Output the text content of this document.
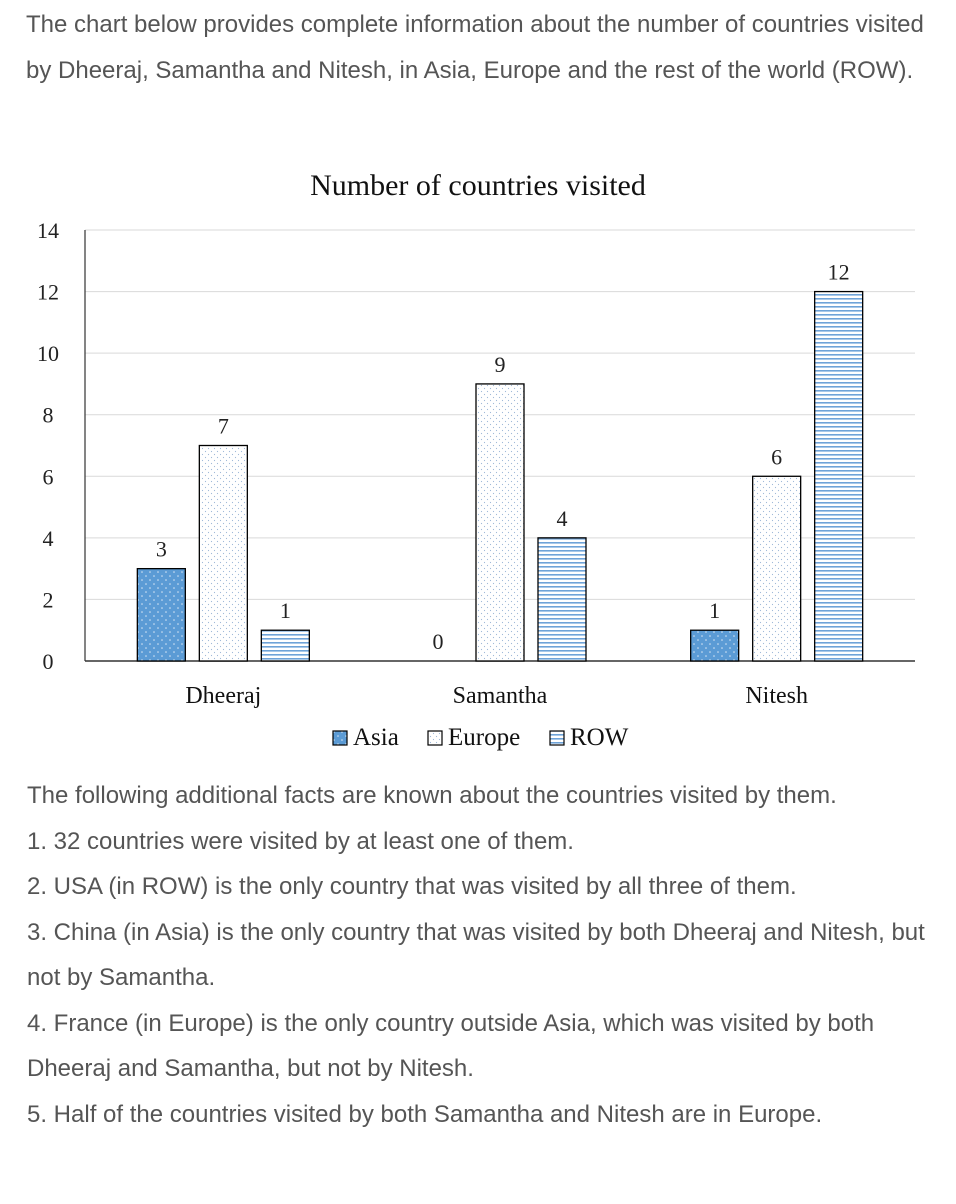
The chart below provides complete information about the number of countries visited by Dheeraj, Samantha and Nitesh, in Asia, Europe and the rest of the world (ROW).

Number of countries visited
0
2
4
6
8
10
12
14
3
7
1
0
9
4
1
6
12
Dheeraj	Samantha	Nitesh
Asia Europe ROW

The following additional facts are known about the countries visited by them.

1. 32 countries were visited by at least one of them.

2. USA (in ROW) is the only country that was visited by all three of them.

3. China (in Asia) is the only country that was visited by both Dheeraj and Nitesh, but not by Samantha.

4. France (in Europe) is the only country outside Asia, which was visited by both Dheeraj and Samantha, but not by Nitesh.

5. Half of the countries visited by both Samantha and Nitesh are in Europe.
